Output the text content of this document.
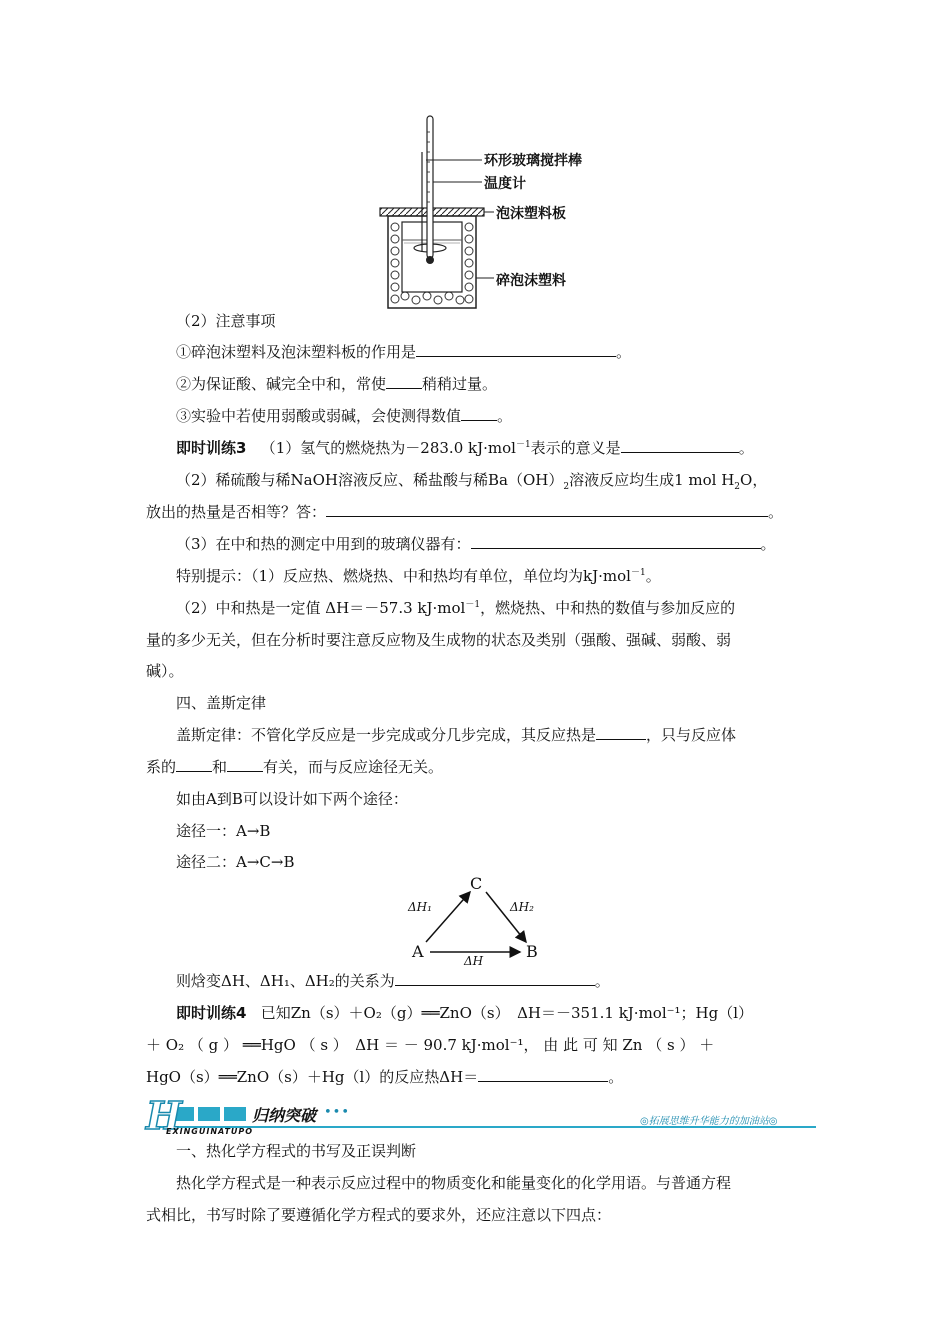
环形玻璃搅拌棒
温度计
泡沫塑料板
碎泡沫塑料
（2）注意事项
①碎泡沫塑料及泡沫塑料板的作用是	。
②为保证酸、碱完全中和，常使 稍稍过量。
③实验中若使用弱酸或弱碱，会使测得数值 。
即时训练3 （1）氢气的燃烧热为－283.0 kJ·mol$^{-1}$表示的意义是	。
（2）稀硫酸与稀NaOH溶液反应、稀盐酸与稀$Ba(OH)_2$溶液反应均生成1 mol $H_2O$，
放出的热量是否相等？答：	。
（3）在中和热的测定中用到的玻璃仪器有：	。
特别提示：（1）反应热、燃烧热、中和热均有单位，单位均为kJ·mol$^{-1}$。
（2）中和热是一定值 ΔH＝－57.3 kJ·mol$^{-1}$，燃烧热、中和热的数值与参加反应的
量的多少无关，但在分析时要注意反应物及生成物的状态及类别（强酸、强碱、弱酸、弱
碱）。
四、盖斯定律
盖斯定律：不管化学反应是一步完成或分几步完成，其反应热是	，只与反应体
系的 和 有关，而与反应途径无关。
如由A到B可以设计如下两个途径：
途径一：A→B
途径二：A→C→B
A	B
C
ΔH₁	ΔH₂
ΔH
则焓变ΔH、ΔH₁、ΔH₂的关系为	。
即时训练4 已知Zn（s）＋O₂（g）══ZnO（s）　ΔH＝－351.1 kJ·mol⁻¹；Hg（l）
＋ O₂ （ g ） ══HgO （ s ）　ΔH ＝ － 90.7 kJ·mol⁻¹， 由 此 可 知 Zn （ s ） ＋
HgO（s）══ZnO（s）＋Hg（l）的反应热ΔH＝	。
H	归纳突破 •••
EXINGUINATUPO
◎拓展思维升华能力的加油站◎
一、热化学方程式的书写及正误判断
热化学方程式是一种表示反应过程中的物质变化和能量变化的化学用语。与普通方程
式相比，书写时除了要遵循化学方程式的要求外，还应注意以下四点：
